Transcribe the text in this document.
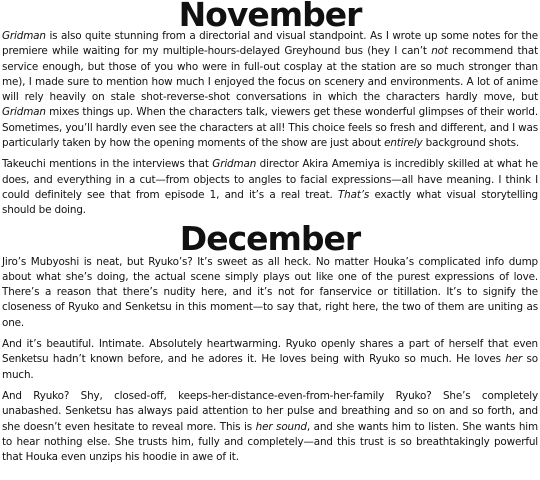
November

Gridman is also quite stunning from a directorial and visual standpoint. As I wrote up some notes for the premiere while waiting for my multiple-hours-delayed Greyhound bus (hey I can’t not recommend that service enough, but those of you who were in full-out cosplay at the station are so much stronger than me), I made sure to mention how much I enjoyed the focus on scenery and environments. A lot of anime will rely heavily on stale shot-reverse-shot conversations in which the characters hardly move, but Gridman mixes things up. When the characters talk, viewers get these wonderful glimpses of their world. Sometimes, you’ll hardly even see the characters at all! This choice feels so fresh and different, and I was particularly taken by how the opening moments of the show are just about entirely background shots.

Takeuchi mentions in the interviews that Gridman director Akira Amemiya is incredibly skilled at what he does, and everything in a cut—from objects to angles to facial expressions—all have meaning. I think I could definitely see that from episode 1, and it’s a real treat. That’s exactly what visual storytelling should be doing.

December

Jiro’s Mubyoshi is neat, but Ryuko’s? It’s sweet as all heck. No matter Houka’s complicated info dump about what she’s doing, the actual scene simply plays out like one of the purest expressions of love. There’s a reason that there’s nudity here, and it’s not for fanservice or titillation. It’s to signify the closeness of Ryuko and Senketsu in this moment—to say that, right here, the two of them are uniting as one.

And it’s beautiful. Intimate. Absolutely heartwarming. Ryuko openly shares a part of herself that even Senketsu hadn’t known before, and he adores it. He loves being with Ryuko so much. He loves her so much.

And Ryuko? Shy, closed-off, keeps-her-distance-even-from-her-family Ryuko? She’s completely unabashed. Senketsu has always paid attention to her pulse and breathing and so on and so forth, and she doesn’t even hesitate to reveal more. This is her sound, and she wants him to listen. She wants him to hear nothing else. She trusts him, fully and completely—and this trust is so breathtakingly powerful that Houka even unzips his hoodie in awe of it.
